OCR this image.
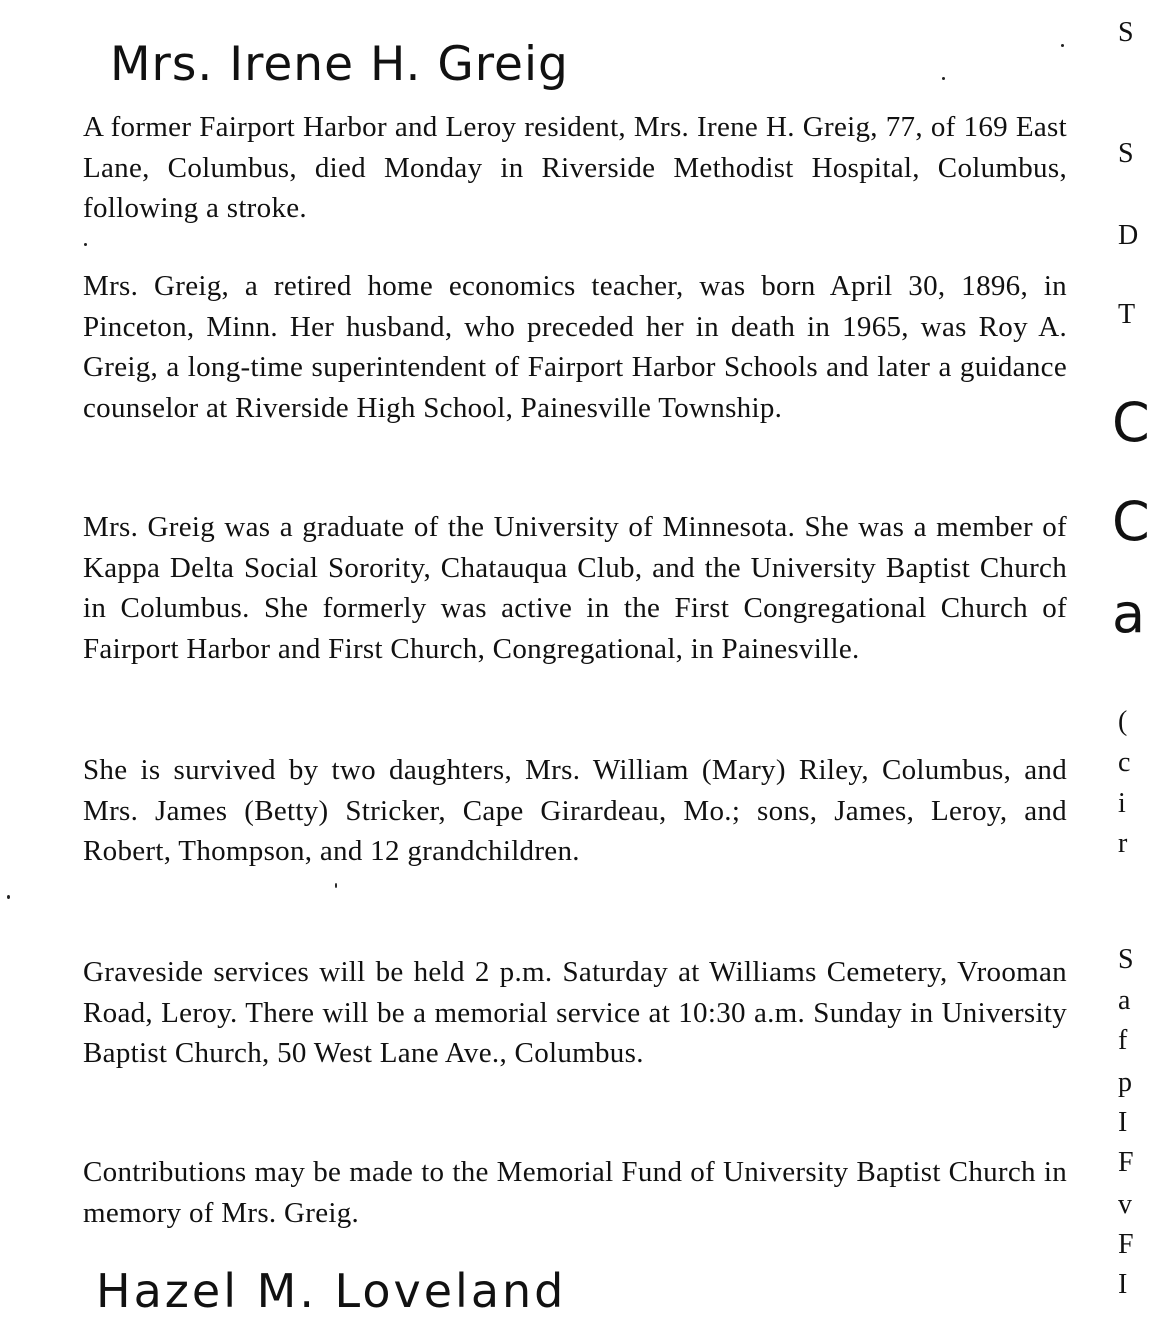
Mrs. Irene H. Greig

A former Fairport Harbor and Leroy resident, Mrs. Irene H. Greig, 77, of 169 East Lane, Columbus, died Monday in Riverside Methodist Hospital, Columbus, following a stroke.

Mrs. Greig, a retired home economics teacher, was born April 30, 1896, in Pinceton, Minn. Her husband, who preceded her in death in 1965, was Roy A. Greig, a long-time superintendent of Fairport Harbor Schools and later a guidance counselor at Riverside High School, Painesville Township.

Mrs. Greig was a graduate of the University of Minnesota. She was a member of Kappa Delta Social Sorority, Chatauqua Club, and the University Baptist Church in Columbus. She formerly was active in the First Congregational Church of Fairport Harbor and First Church, Congregational, in Painesville.

She is survived by two daughters, Mrs. William (Mary) Riley, Columbus, and Mrs. James (Betty) Stricker, Cape Girardeau, Mo.; sons, James, Leroy, and Robert, Thompson, and 12 grandchildren.

Graveside services will be held 2 p.m. Saturday at Williams Cemetery, Vrooman Road, Leroy. There will be a memorial service at 10:30 a.m. Sunday in University Baptist Church, 50 West Lane Ave., Columbus.

Contributions may be made to the Memorial Fund of University Baptist Church in memory of Mrs. Greig.

Hazel M. Loveland
S
S
D
T
C
C
a
(
c
i
r
S
a
f
p
I
F
v
F
I
